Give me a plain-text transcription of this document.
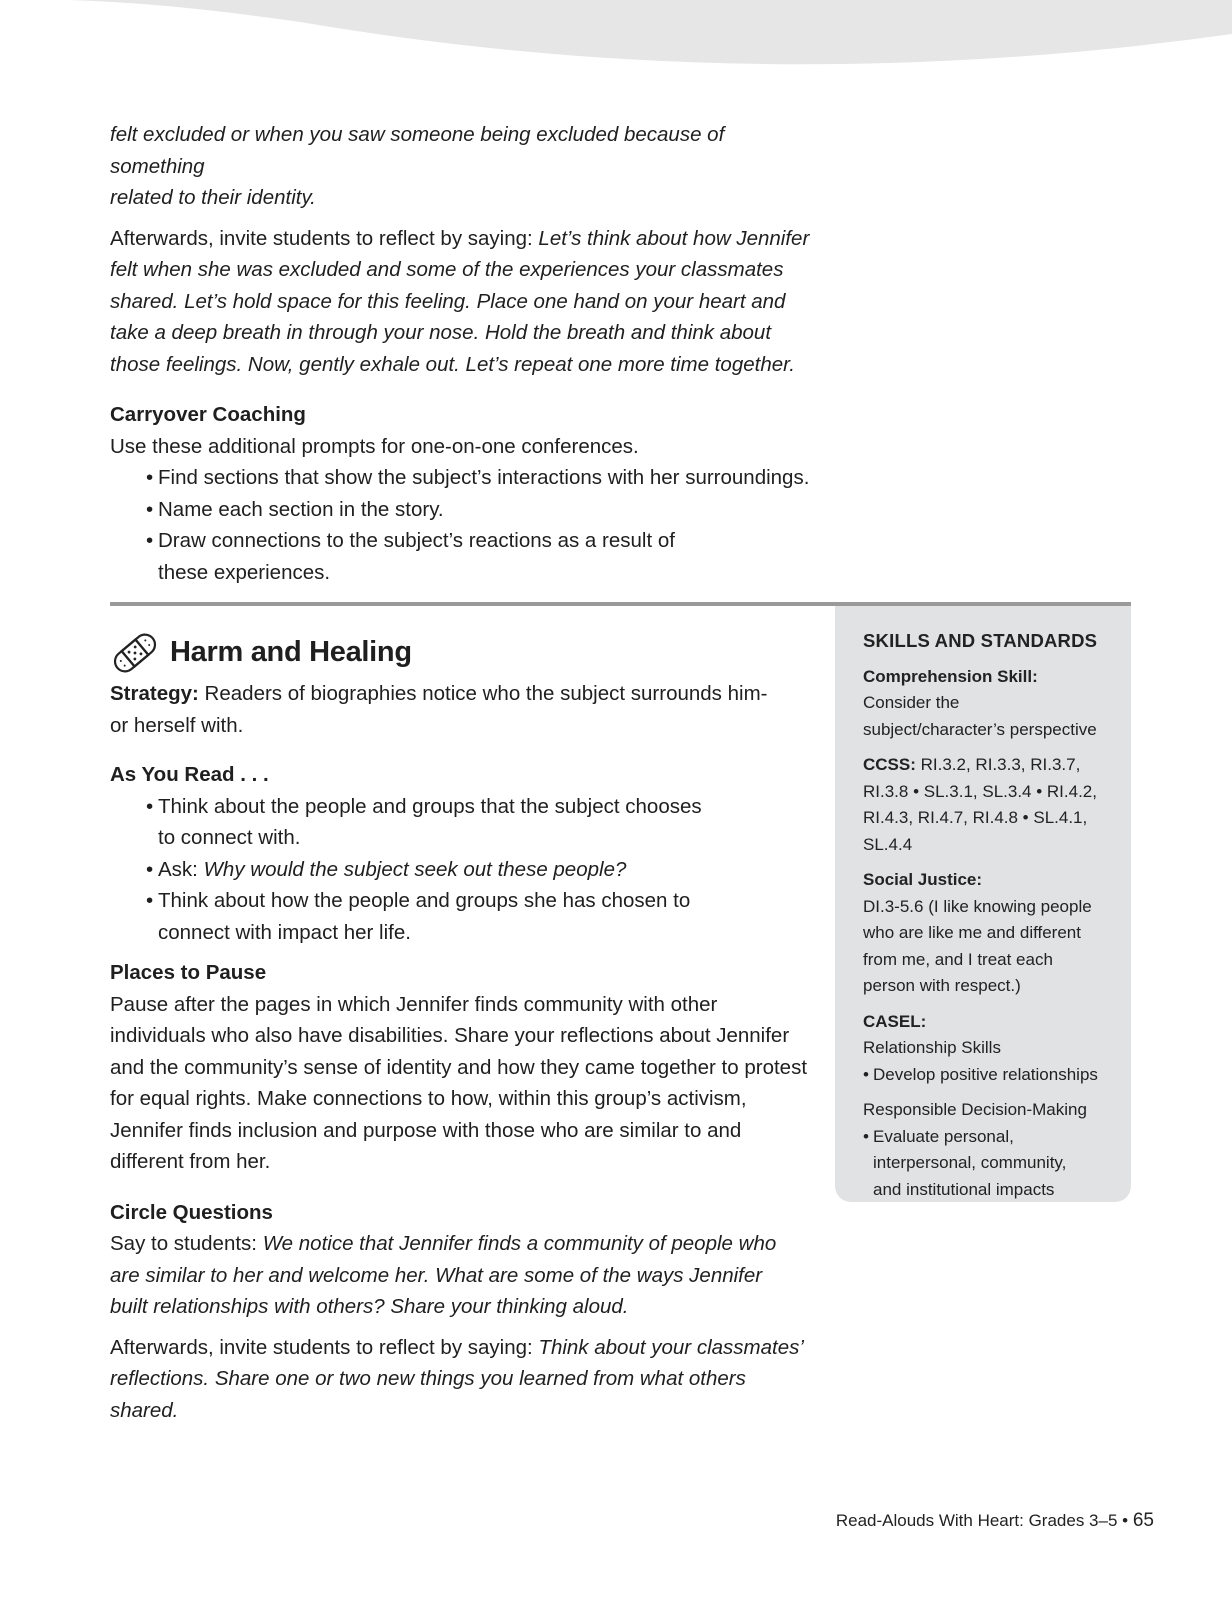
felt excluded or when you saw someone being excluded because of something

related to their identity.

Afterwards, invite students to reflect by saying: Let’s think about how Jennifer felt when she was excluded and some of the experiences your classmates shared. Let’s hold space for this feeling. Place one hand on your heart and take a deep breath in through your nose. Hold the breath and think about those feelings. Now, gently exhale out. Let’s repeat one more time together.

Carryover Coaching

Use these additional prompts for one-on-one conferences.

• Find sections that show the subject’s interactions with her surroundings.
• Name each section in the story.
• Draw connections to the subject’s reactions as a result of these experiences.
Harm and Healing

Strategy: Readers of biographies notice who the subject surrounds him- or herself with.

As You Read . . .
• Think about the people and groups that the subject chooses to connect with.
• Ask: Why would the subject seek out these people?
• Think about how the people and groups she has chosen to connect with impact her life.
Places to Pause

Pause after the pages in which Jennifer finds community with other individuals who also have disabilities. Share your reflections about Jennifer and the community’s sense of identity and how they came together to protest for equal rights. Make connections to how, within this group’s activism, Jennifer finds inclusion and purpose with those who are similar to and different from her.

Circle Questions

Say to students: We notice that Jennifer finds a community of people who are similar to her and welcome her. What are some of the ways Jennifer built relationships with others? Share your thinking aloud.

Afterwards, invite students to reflect by saying: Think about your classmates’ reflections. Share one or two new things you learned from what others shared.

SKILLS AND STANDARDS
Comprehension Skill:
Consider the subject/character’s perspective
CCSS: RI.3.2, RI.3.3, RI.3.7, RI.3.8 • SL.3.1, SL.3.4 • RI.4.2, RI.4.3, RI.4.7, RI.4.8 • SL.4.1, SL.4.4
Social Justice:
DI.3-5.6 (I like knowing people who are like me and different from me, and I treat each person with respect.)
CASEL:
Relationship Skills
• Develop positive relationships
Responsible Decision-Making
• Evaluate personal, interpersonal, community, and institutional impacts
Read-Alouds With Heart: Grades 3–5 • 65
